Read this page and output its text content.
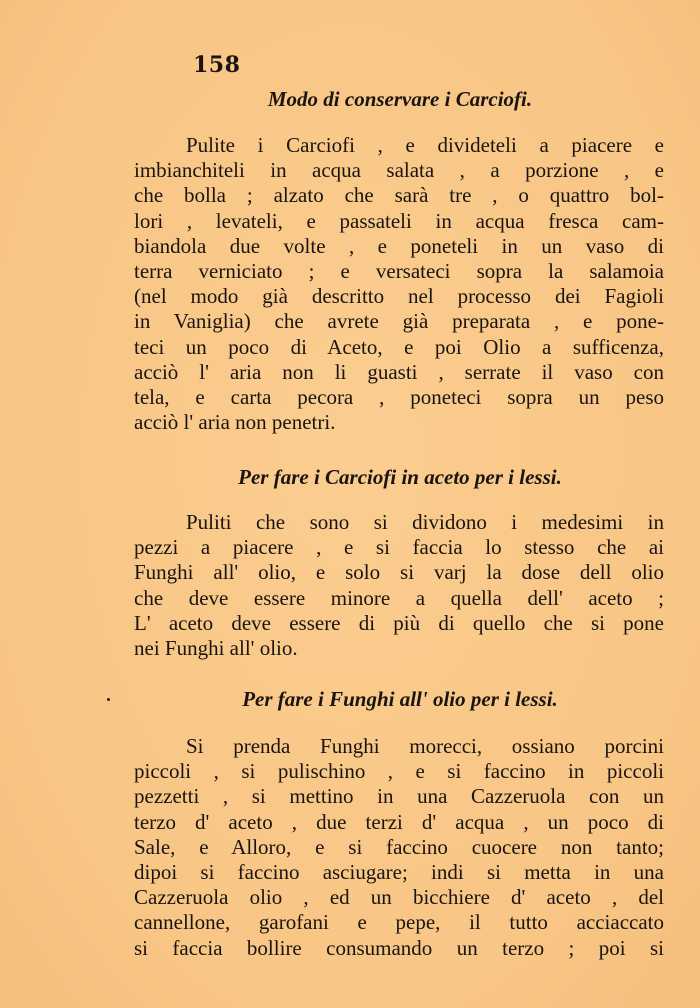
158
Modo di conservare i Carciofi.
Pulite i Carciofi , e divideteli a piacere e
imbianchiteli in acqua salata , a porzione , e
che bolla ; alzato che sarà tre , o quattro bol-
lori , levateli, e passateli in acqua fresca cam-
biandola due volte , e poneteli in un vaso di
terra verniciato ; e versateci sopra la salamoia
(nel modo già descritto nel processo dei Fagioli
in Vaniglia) che avrete già preparata , e pone-
teci un poco di Aceto, e poi Olio a sufficenza,
acciò l' aria non li guasti , serrate il vaso con
tela, e carta pecora , poneteci sopra un peso
acciò l' aria non penetri.
Per fare i Carciofi in aceto per i lessi.
Puliti che sono si dividono i medesimi in
pezzi a piacere , e si faccia lo stesso che ai
Funghi all' olio, e solo si varj la dose dell olio
che deve essere minore a quella dell' aceto ;
L' aceto deve essere di più di quello che si pone
nei Funghi all' olio.
Per fare i Funghi all' olio per i lessi.
Si prenda Funghi morecci, ossiano porcini
piccoli , si pulischino , e si faccino in piccoli
pezzetti , si mettino in una Cazzeruola con un
terzo d' aceto , due terzi d' acqua , un poco di
Sale, e Alloro, e si faccino cuocere non tanto;
dipoi si faccino asciugare; indi si metta in una
Cazzeruola olio , ed un bicchiere d' aceto , del
cannellone, garofani e pepe, il tutto acciaccato
si faccia bollire consumando un terzo ; poi si
